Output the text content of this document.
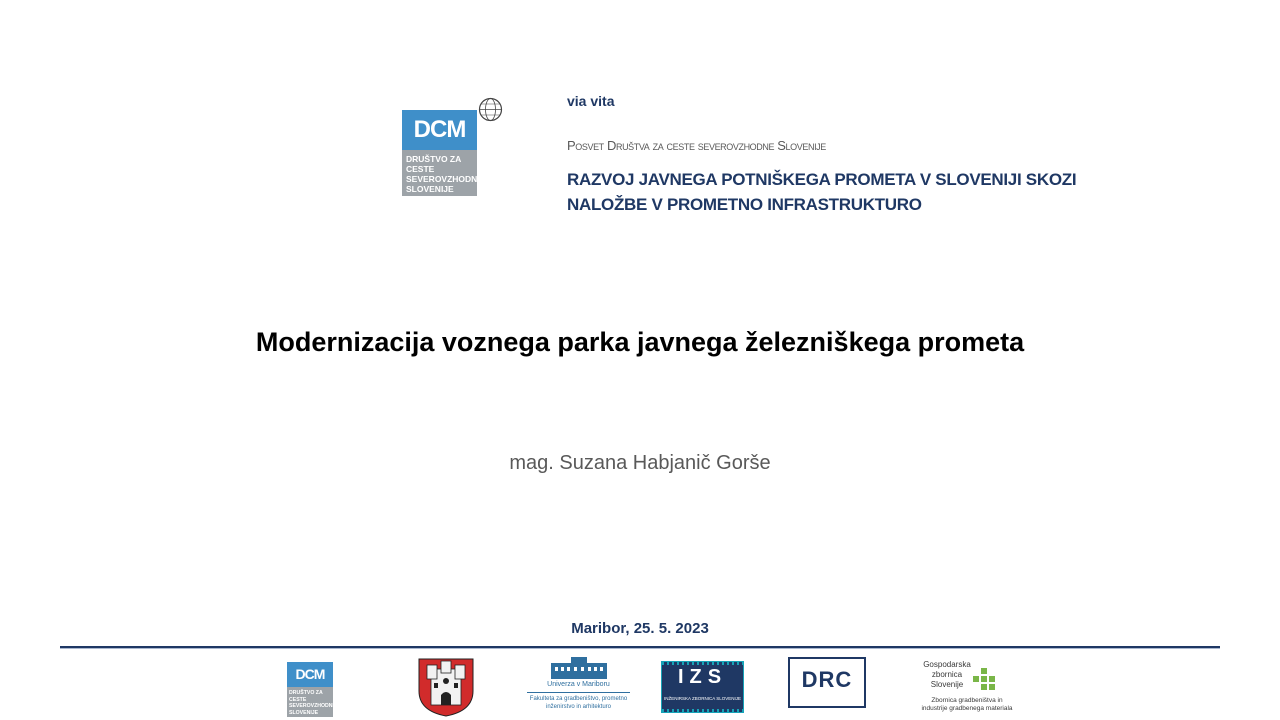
DCM
DRUŠTVO ZA CESTE SEVEROVZHODNE SLOVENIJE
via vita
Posvet Društva za ceste severovzhodne Slovenije
RAZVOJ JAVNEGA POTNIŠKEGA PROMETA V SLOVENIJI SKOZI NALOŽBE V PROMETNO INFRASTRUKTURO
Modernizacija voznega parka javnega železniškega prometa
mag. Suzana Habjanič Gorše
Maribor, 25. 5. 2023
DCM
DRUŠTVO ZA CESTE SEVEROVZHODNE SLOVENIJE
Univerza v Mariboru
Fakulteta za gradbeništvo, prometno inženirstvo in arhitekturo
IZS
INŽENIRSKA ZBORNICA SLOVENIJE
DRC
Gospodarska zbornica Slovenije
Zbornica gradbeništva in industrije gradbenega materiala
